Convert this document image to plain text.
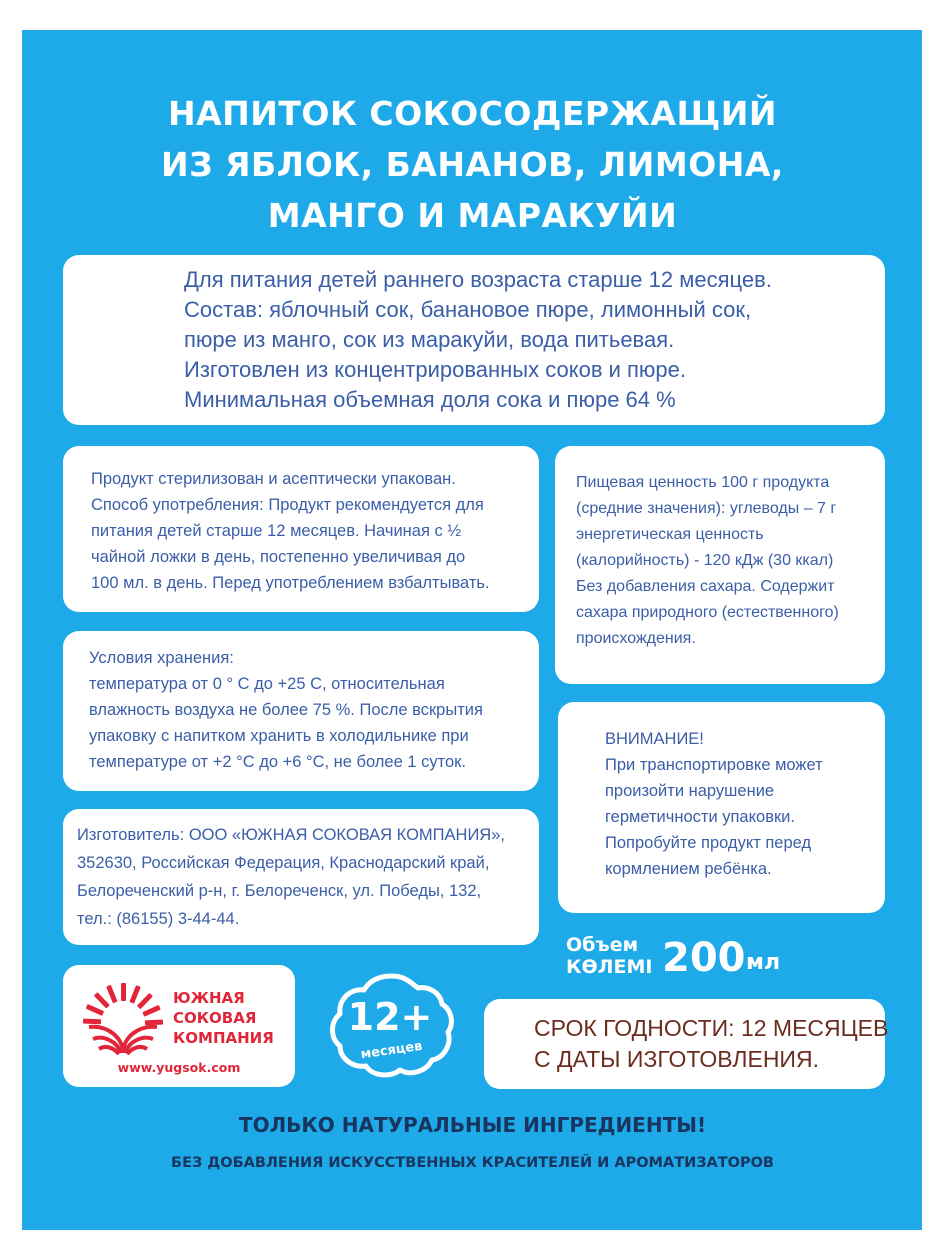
НАПИТОК СОКОСОДЕРЖАЩИЙ
ИЗ ЯБЛОК, БАНАНОВ, ЛИМОНА,
МАНГО И МАРАКУЙИ
Для питания детей раннего возраста старше 12 месяцев.
Состав: яблочный сок, банановое пюре, лимонный сок,
пюре из манго, сок из маракуйи, вода питьевая.
Изготовлен из концентрированных соков и пюре.
Минимальная объемная доля сока и пюре 64 %
Продукт стерилизован и асептически упакован.
Способ употребления: Продукт рекомендуется для
питания детей старше 12 месяцев. Начиная с ½
чайной ложки в день, постепенно увеличивая до
100 мл. в день. Перед употреблением взбалтывать.
Условия хранения:
температура от 0 ° С до +25 С, относительная
влажность воздуха не более 75 %. После вскрытия
упаковку с напитком хранить в холодильнике при
температуре от +2 °С до +6 °С, не более 1 суток.
Изготовитель: ООО «ЮЖНАЯ СОКОВАЯ КОМПАНИЯ»,
352630, Российская Федерация, Краснодарский край,
Белореченский р-н, г. Белореченск, ул. Победы, 132,
тел.: (86155) 3-44-44.
Пищевая ценность 100 г продукта
(средние значения): углеводы – 7 г
энергетическая ценность
(калорийность) - 120 кДж (30 ккал)
Без добавления сахара. Содержит
сахара природного (естественного)
происхождения.
ВНИМАНИЕ!
При транспортировке может
произойти нарушение
герметичности упаковки.
Попробуйте продукт перед
кормлением ребёнка.
Объем
КӨЛЕМІ 200 мл
ЮЖНАЯ
СОКОВАЯ
КОМПАНИЯ
www.yugsok.com
12+
месяцев
СРОК ГОДНОСТИ: 12 МЕСЯЦЕВ
С ДАТЫ ИЗГОТОВЛЕНИЯ.
ТОЛЬКО НАТУРАЛЬНЫЕ ИНГРЕДИЕНТЫ!
БЕЗ ДОБАВЛЕНИЯ ИСКУССТВЕННЫХ КРАСИТЕЛЕЙ И АРОМАТИЗАТОРОВ
